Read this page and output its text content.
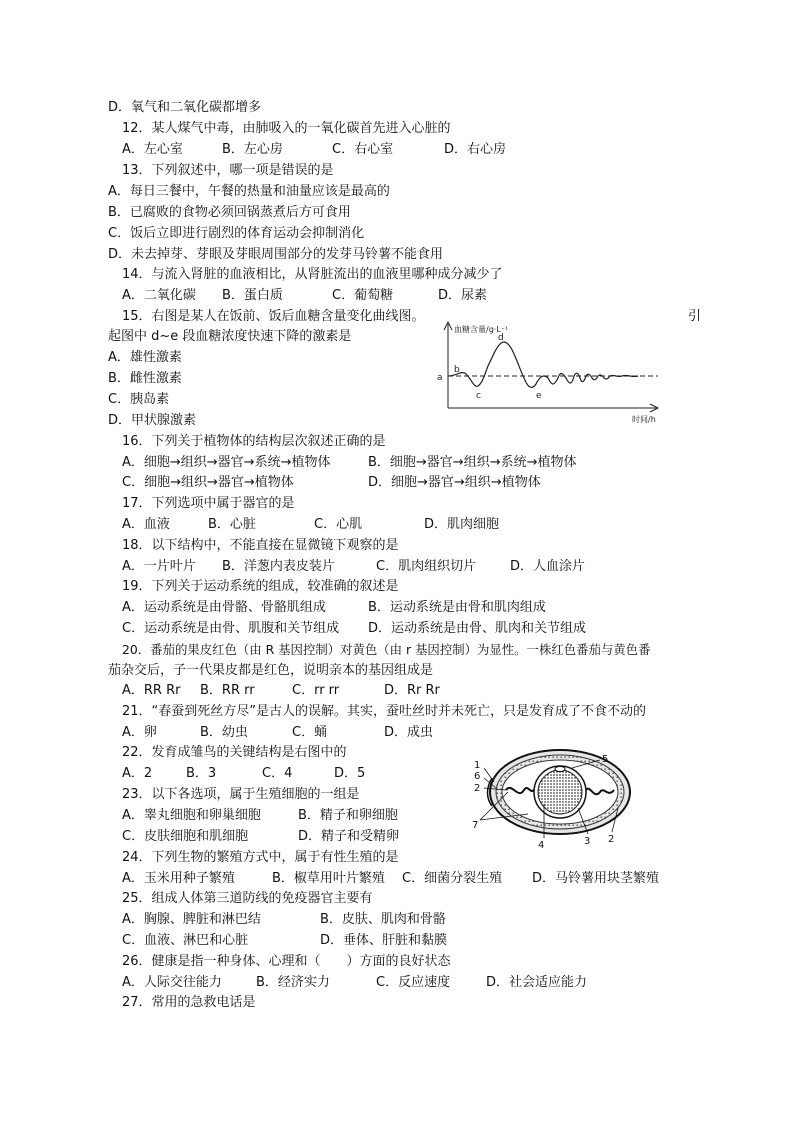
D．氧气和二氧化碳都增多
12．某人煤气中毒，由肺吸入的一氧化碳首先进入心脏的
A．左心室	B．左心房	C．右心室	D．右心房
13．下列叙述中，哪一项是错误的是
A．每日三餐中，午餐的热量和油量应该是最高的
B．已腐败的食物必须回锅蒸煮后方可食用
C．饭后立即进行剧烈的体育运动会抑制消化
D．未去掉芽、芽眼及芽眼周围部分的发芽马铃薯不能食用
14．与流入肾脏的血液相比，从肾脏流出的血液里哪种成分减少了
A．二氧化碳 B．蛋白质	C．葡萄糖	D．尿素
15．右图是某人在饭前、饭后血糖含量变化曲线图。	引
起图中 d~e 段血糖浓度快速下降的激素是
A．雄性激素
B．雌性激素
C．胰岛素
D．甲状腺激素
血糖含量/g·L⁻¹
时间/h
a
b
c
d
e
16．下列关于植物体的结构层次叙述正确的是
A．细胞→组织→器官→系统→植物体	B．细胞→器官→组织→系统→植物体
C．细胞→组织→器官→植物体	D．细胞→器官→组织→植物体
17．下列选项中属于器官的是
A．血液	B．心脏	C．心肌	D．肌肉细胞
18．以下结构中，不能直接在显微镜下观察的是
A．一片叶片 B．洋葱内表皮装片	C．肌肉组织切片	D．人血涂片
19．下列关于运动系统的组成，较准确的叙述是
A．运动系统是由骨骼、骨骼肌组成	B．运动系统是由骨和肌肉组成
C．运动系统是由骨、肌腹和关节组成 D．运动系统是由骨、肌肉和关节组成
20．番茄的果皮红色（由 R 基因控制）对黄色（由 r 基因控制）为显性。一株红色番茄与黄色番
茄杂交后，子一代果皮都是红色，说明亲本的基因组成是
A．RR Rr B．RR rr	C．rr rr	D．Rr Rr
21．“春蚕到死丝方尽”是古人的误解。其实，蚕吐丝时并未死亡，只是发育成了不食不动的
A．卵	B．幼虫	C．蛹	D．成虫
22．发育成雏鸟的关键结构是右图中的
A．2	B．3	C．4	D．5
1
6
2
5
7
4	3 2
23．以下各选项，属于生殖细胞的一组是
A．睾丸细胞和卵巢细胞	B．精子和卵细胞
C．皮肤细胞和肌细胞	D．精子和受精卵
24．下列生物的繁殖方式中，属于有性生殖的是
A．玉米用种子繁殖	B．椒草用叶片繁殖 C．细菌分裂生殖 D．马铃薯用块茎繁殖
25．组成人体第三道防线的免疫器官主要有
A．胸腺、脾脏和淋巴结	B．皮肤、肌肉和骨骼
C．血液、淋巴和心脏	D．垂体、肝脏和黏膜
26．健康是指一种身体、心理和（　　）方面的良好状态
A．人际交往能力	B．经济实力	C．反应速度	D．社会适应能力
27．常用的急救电话是
